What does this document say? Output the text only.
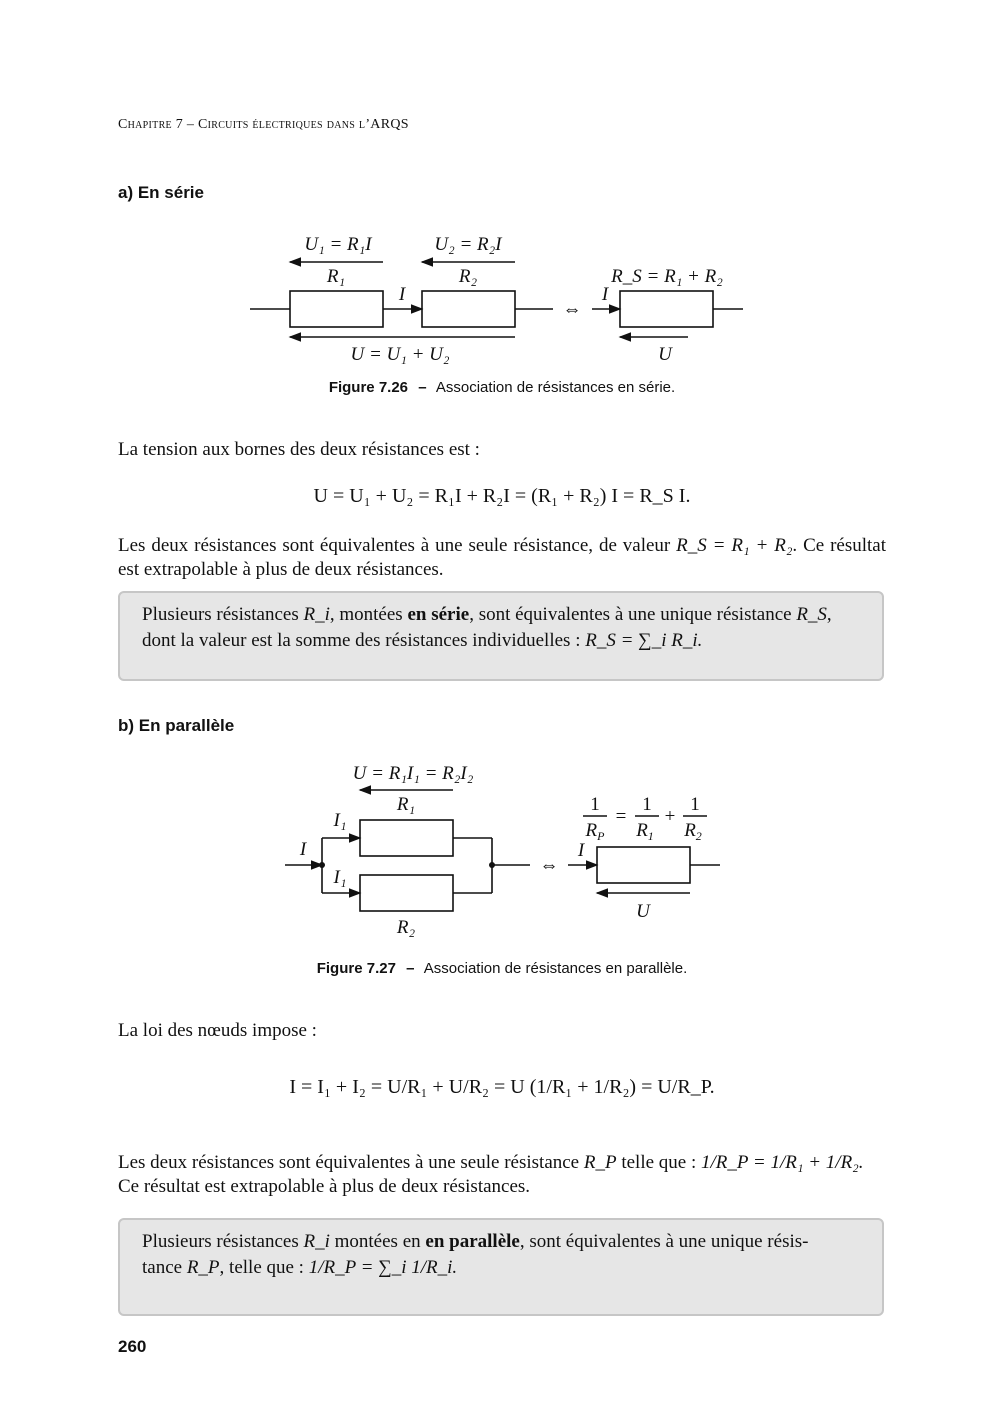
Chapitre 7 – Circuits électriques dans l’ARQS
a) En série
U₁ = R₁I	U₂ = R₂I
R₁	R₂
I
⇔
I
R_S = R₁ + R₂
U = U₁ + U₂	U
Figure 7.26 – Association de résistances en série.
La tension aux bornes des deux résistances est :
U = U₁ + U₂ = R₁I + R₂I = (R₁ + R₂) I = R_S I.
Les deux résistances sont équivalentes à une seule résistance, de valeur R_S = R₁ + R₂. Ce résultat est extrapolable à plus de deux résistances.
Plusieurs résistances R_i, montées en série, sont équivalentes à une unique résistance R_S,
dont la valeur est la somme des résistances individuelles : R_S = ∑_i R_i.
b) En parallèle
U = R₁I₁ = R₂I₂
R₁
I₁
I
I₁
R₂
⇔
I
U
1
$R_P$
=
1
$R_1$
+
1
$R_2$
Figure 7.27 – Association de résistances en parallèle.
La loi des nœuds impose :
I = I₁ + I₂ = U/R₁ + U/R₂ = U (1/R₁ + 1/R₂) = U/R_P.
Les deux résistances sont équivalentes à une seule résistance R_P telle que : 1/R_P = 1/R₁ + 1/R₂.
Ce résultat est extrapolable à plus de deux résistances.
Plusieurs résistances R_i montées en en parallèle, sont équivalentes à une unique résis-
tance R_P, telle que : 1/R_P = ∑_i 1/R_i.
260
